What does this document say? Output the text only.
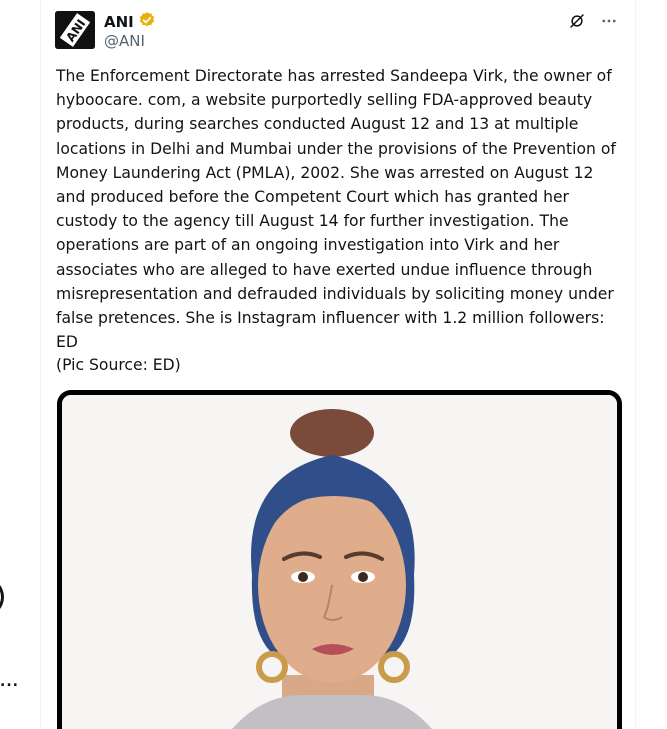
...
ANI ANI
@ANI
The Enforcement Directorate has arrested Sandeepa Virk, the owner of hyboocare. com, a website purportedly selling FDA-approved beauty products, during searches conducted August 12 and 13 at multiple locations in Delhi and Mumbai under the provisions of the Prevention of Money Laundering Act (PMLA), 2002. She was arrested on August 12 and produced before the Competent Court which has granted her custody to the agency till August 14 for further investigation. The operations are part of an ongoing investigation into Virk and her associates who are alleged to have exerted undue influence through misrepresentation and defrauded individuals by soliciting money under false pretences. She is Instagram influencer with 1.2 million followers: ED
(Pic Source: ED)
